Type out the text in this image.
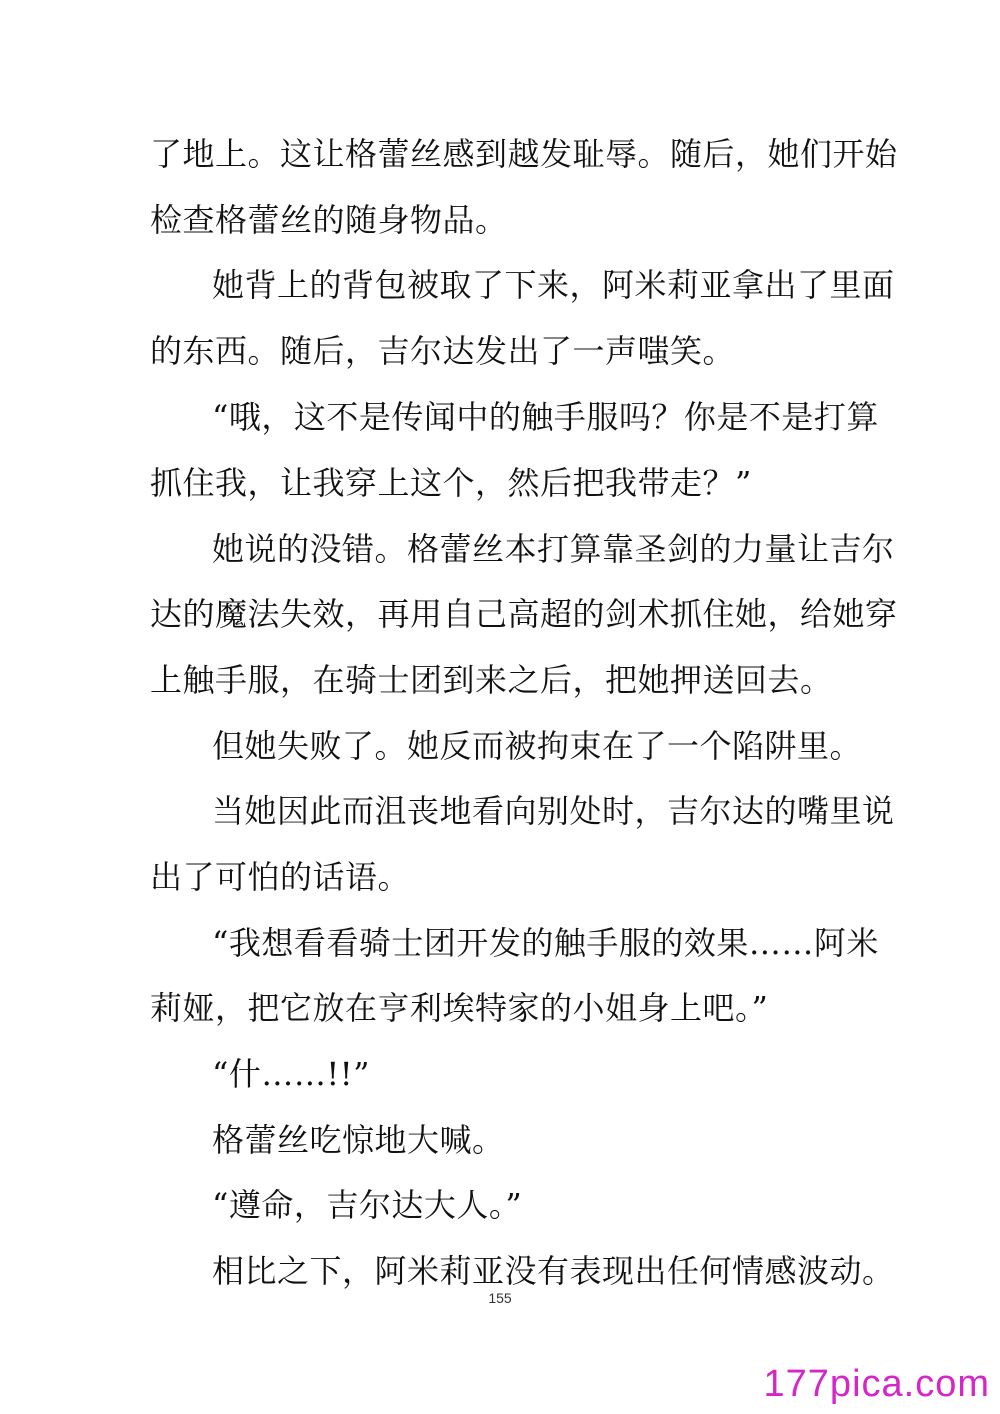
了地上。这让格蕾丝感到越发耻辱。随后，她们开始
检查格蕾丝的随身物品。
她背上的背包被取了下来，阿米莉亚拿出了里面
的东西。随后，吉尔达发出了一声嗤笑。
“哦，这不是传闻中的触手服吗？你是不是打算
抓住我，让我穿上这个，然后把我带走？”
她说的没错。格蕾丝本打算靠圣剑的力量让吉尔
达的魔法失效，再用自己高超的剑术抓住她，给她穿
上触手服，在骑士团到来之后，把她押送回去。
但她失败了。她反而被拘束在了一个陷阱里。
当她因此而沮丧地看向别处时，吉尔达的嘴里说
出了可怕的话语。
“我想看看骑士团开发的触手服的效果……阿米
莉娅，把它放在亨利埃特家的小姐身上吧。”
“什……!!”
格蕾丝吃惊地大喊。
“遵命，吉尔达大人。”
相比之下，阿米莉亚没有表现出任何情感波动。
155
177pica.com
